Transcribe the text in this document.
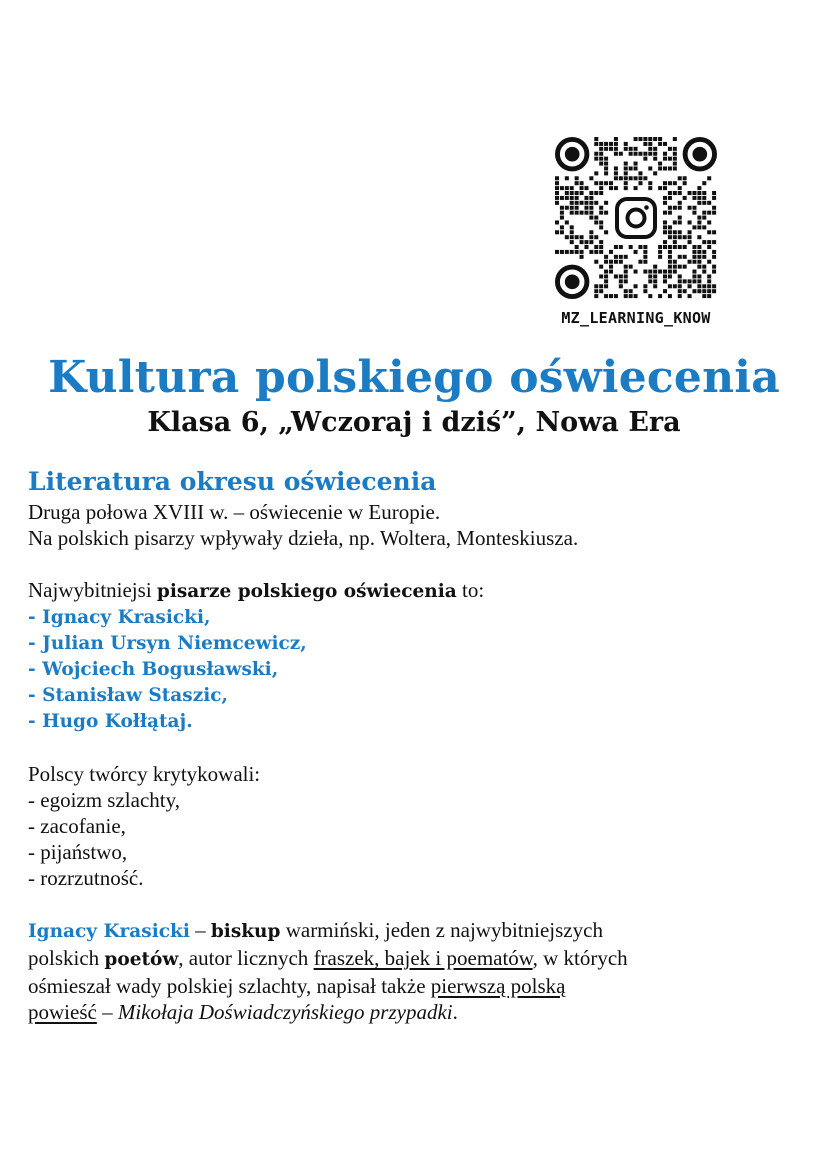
MZ_LEARNING_KNOW
Kultura polskiego oświecenia
Klasa 6, „Wczoraj i dziś”, Nowa Era
Literatura okresu oświecenia

Druga połowa XVIII w. – oświecenie w Europie.

Na polskich pisarzy wpływały dzieła, np. Woltera, Monteskiusza.

Najwybitniejsi pisarze polskiego oświecenia to:

- Ignacy Krasicki,
- Julian Ursyn Niemcewicz,
- Wojciech Bogusławski,
- Stanisław Staszic,
- Hugo Kołłątaj.

Polscy twórcy krytykowali:

- egoizm szlachty,

- zacofanie,

- pijaństwo,

- rozrzutność.

Ignacy Krasicki – biskup warmiński, jeden z najwybitniejszych

polskich poetów, autor licznych fraszek, bajek i poematów, w których

ośmieszał wady polskiej szlachty, napisał także pierwszą polską

powieść – Mikołaja Doświadczyńskiego przypadki.
